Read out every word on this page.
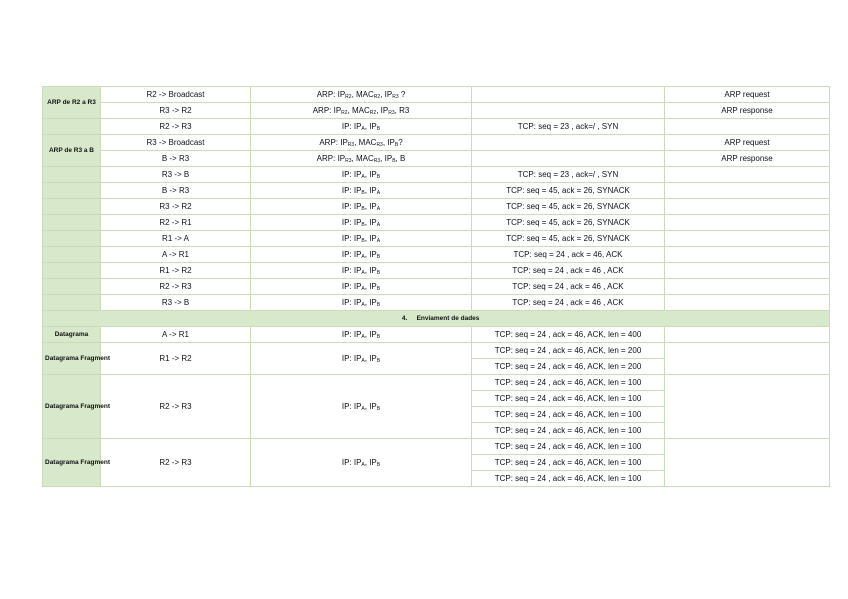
ARP de R2 a R3	R2 -> Broadcast	ARP: $IP_{R2}$, $MAC_{R2}$, $IP_{R3}$ ?		ARP request
	R3 -> R2	ARP: $IP_{R2}$, $MAC_{R2}$, $IP_{R3}$, R3		ARP response
	R2 -> R3	IP: $IP_A$, $IP_B$	TCP: seq = 23 , ack=/ , SYN	
ARP de R3 a B	R3 -> Broadcast	ARP: $IP_{R3}$, $MAC_{R3}$, $IP_B$?		ARP request
	B -> R3	ARP: $IP_{R3}$, $MAC_{R3}$, $IP_B$, B		ARP response
	R3 -> B	IP: $IP_A$, $IP_B$	TCP: seq = 23 , ack=/ , SYN	
	B -> R3	IP: $IP_B$, $IP_A$	TCP: seq = 45, ack = 26, SYNACK	
	R3 -> R2	IP: $IP_B$, $IP_A$	TCP: seq = 45, ack = 26, SYNACK	
	R2 -> R1	IP: $IP_B$, $IP_A$	TCP: seq = 45, ack = 26, SYNACK	
	R1 -> A	IP: $IP_B$, $IP_A$	TCP: seq = 45, ack = 26, SYNACK	
	A -> R1	IP: $IP_A$, $IP_B$	TCP: seq = 24 , ack = 46, ACK	
	R1 -> R2	IP: $IP_A$, $IP_B$	TCP: seq = 24 , ack = 46 , ACK	
	R2 -> R3	IP: $IP_A$, $IP_B$	TCP: seq = 24 , ack = 46 , ACK	
	R3 -> B	IP: $IP_A$, $IP_B$	TCP: seq = 24 , ack = 46 , ACK	
4. Enviament de dades				
Datagrama	A -> R1	IP: $IP_A$, $IP_B$	TCP: seq = 24 , ack = 46, ACK, len = 400	
Datagrama Fragment	R1 -> R2	IP: $IP_A$, $IP_B$	TCP: seq = 24 , ack = 46, ACK, len = 200	
			TCP: seq = 24 , ack = 46, ACK, len = 200	
Datagrama Fragment	R2 -> R3	IP: $IP_A$, $IP_B$	TCP: seq = 24 , ack = 46, ACK, len = 100	
			TCP: seq = 24 , ack = 46, ACK, len = 100	
			TCP: seq = 24 , ack = 46, ACK, len = 100	
			TCP: seq = 24 , ack = 46, ACK, len = 100	
Datagrama Fragment	R2 -> R3	IP: $IP_A$, $IP_B$	TCP: seq = 24 , ack = 46, ACK, len = 100	
			TCP: seq = 24 , ack = 46, ACK, len = 100	
			TCP: seq = 24 , ack = 46, ACK, len = 100	
